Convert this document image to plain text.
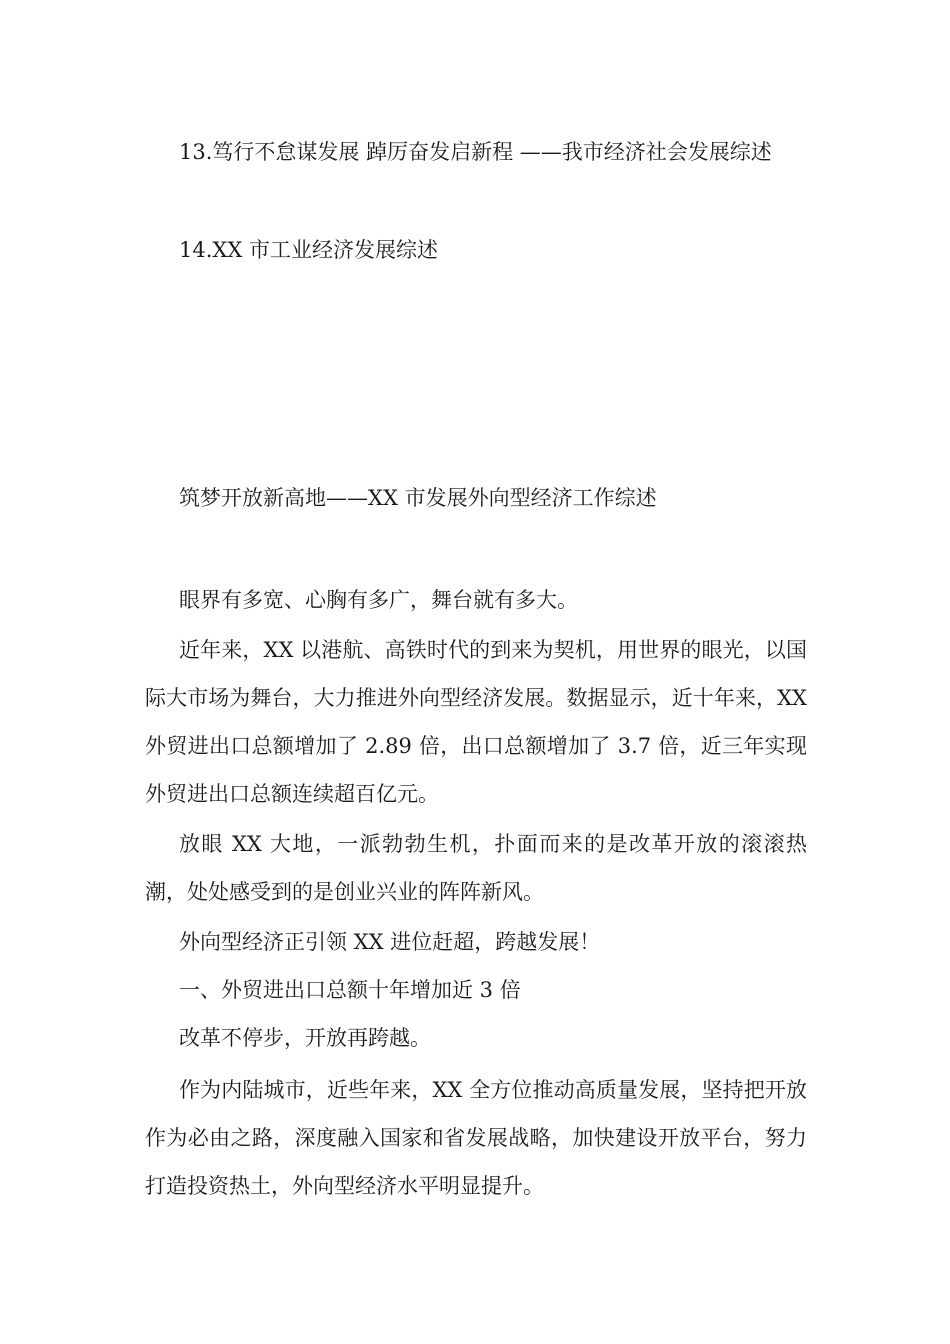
13.笃行不怠谋发展 踔厉奋发启新程 ——我市经济社会发展综述
14.XX 市工业经济发展综述
筑梦开放新高地——XX 市发展外向型经济工作综述
眼界有多宽、心胸有多广，舞台就有多大。
近年来，XX 以港航、高铁时代的到来为契机，用世界的眼光，以国际大市场为舞台，大力推进外向型经济发展。数据显示，近十年来，XX 外贸进出口总额增加了 2.89 倍，出口总额增加了 3.7 倍，近三年实现外贸进出口总额连续超百亿元。
放眼 XX 大地，一派勃勃生机，扑面而来的是改革开放的滚滚热潮，处处感受到的是创业兴业的阵阵新风。
外向型经济正引领 XX 进位赶超，跨越发展！
一、外贸进出口总额十年增加近 3 倍
改革不停步，开放再跨越。
作为内陆城市，近些年来，XX 全方位推动高质量发展，坚持把开放作为必由之路，深度融入国家和省发展战略，加快建设开放平台，努力打造投资热土，外向型经济水平明显提升。
